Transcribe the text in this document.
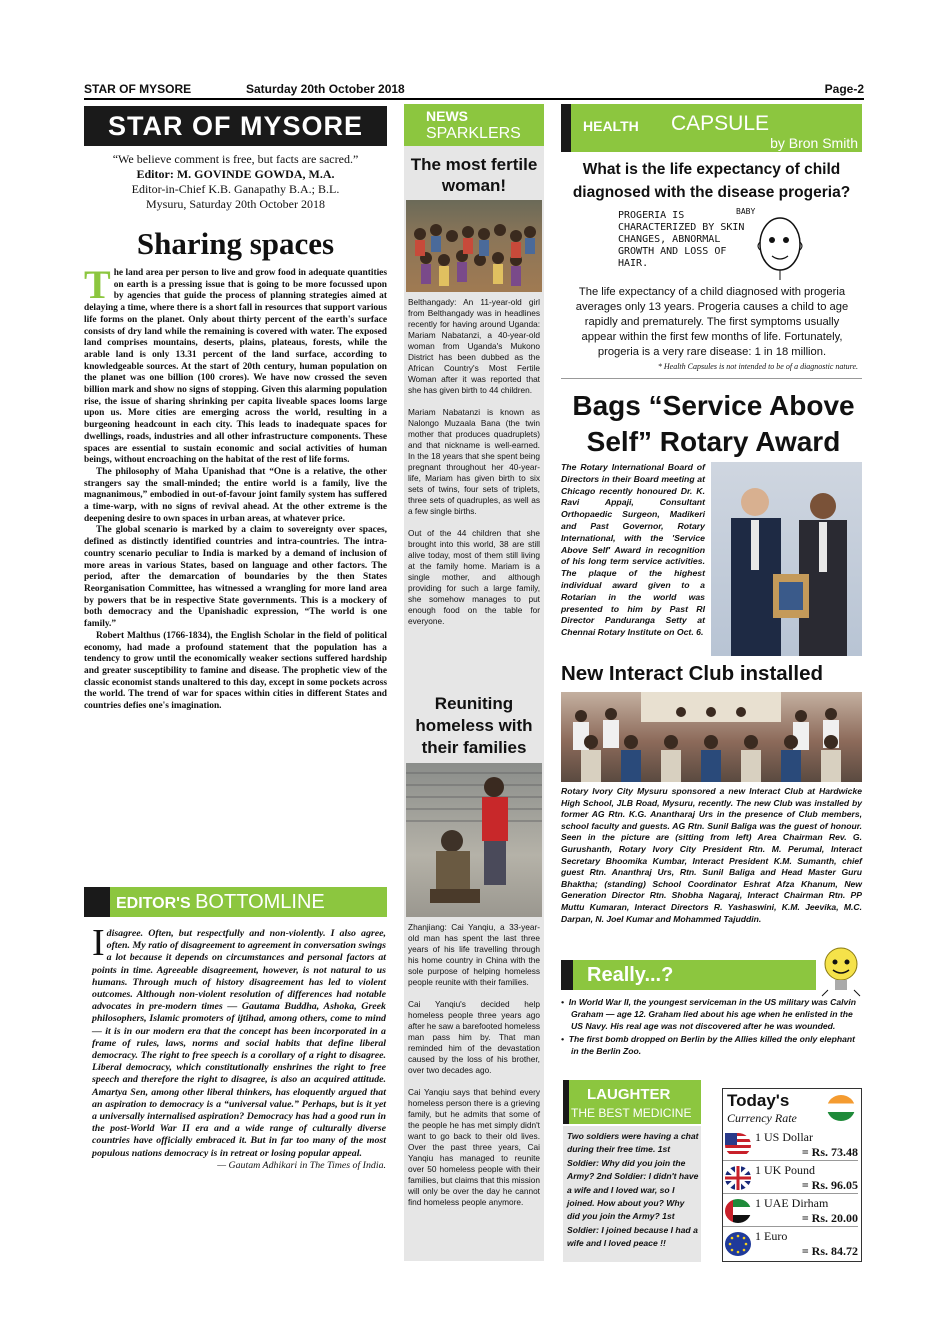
STAR OF MYSORE	Saturday 20th October 2018	Page-2
STAR OF MYSORE

“We believe comment is free, but facts are sacred.”

Editor: M. GOVINDE GOWDA, M.A.

Editor-in-Chief K.B. Ganapathy B.A.; B.L.

Mysuru, Saturday 20th October 2018

Sharing spaces

The land area per person to live and grow food in adequate quantities on earth is a pressing issue that is going to be more focussed upon by agencies that guide the process of planning strategies aimed at delaying a time, where there is a short fall in resources that support various life forms on the planet. Only about thirty percent of the earth's surface consists of dry land while the remaining is covered with water. The exposed land comprises mountains, deserts, plains, plateaus, forests, while the arable land is only 13.31 percent of the land surface, according to knowledgeable sources. At the start of 20th century, human population on the planet was one billion (100 crores). We have now crossed the seven billion mark and show no signs of stopping. Given this alarming population rise, the issue of sharing shrinking per capita liveable spaces looms large upon us. More cities are emerging across the world, resulting in a burgeoning headcount in each city. This leads to inadequate spaces for dwellings, roads, industries and all other infrastructure components. These spaces are essential to sustain economic and social activities of human beings, without encroaching on the habitat of the rest of life forms.

The philosophy of Maha Upanishad that “One is a relative, the other strangers say the small-minded; the entire world is a family, live the magnanimous,” embodied in out-of-favour joint family system has suffered a time-warp, with no signs of revival ahead. At the other extreme is the deepening desire to own spaces in urban areas, at whatever price.

The global scenario is marked by a claim to sovereignty over spaces, defined as distinctly identified countries and intra-countries. The intra-country scenario peculiar to India is marked by a demand of inclusion of more areas in various States, based on language and other factors. The period, after the demarcation of boundaries by the then States Reorganisation Committee, has witnessed a wrangling for more land area by powers that be in respective State governments. This is a mockery of both democracy and the Upanishadic expression, “The world is one family.”

Robert Malthus (1766-1834), the English Scholar in the field of political economy, had made a profound statement that the population has a tendency to grow until the economically weaker sections suffered hardship and greater susceptibility to famine and disease. The prophetic view of the classic economist stands unaltered to this day, except in some pockets across the world. The trend of war for spaces within cities in different States and countries defies one's imagination.

EDITOR'S BOTTOMLINE

Idisagree. Often, but respectfully and non-violently. I also agree, often. My ratio of disagreement to agreement in conversation swings a lot because it depends on circumstances and personal factors at points in time. Agreeable disagreement, however, is not natural to us humans. Through much of history disagreement has led to violent outcomes. Although non-violent resolution of differences had notable advocates in pre-modern times — Gautama Buddha, Ashoka, Greek philosophers, Islamic promoters of ijtihad, among others, come to mind — it is in our modern era that the concept has been incorporated in a frame of rules, laws, norms and social habits that define liberal democracy. The right to free speech is a corollary of a right to disagree. Liberal democracy, which constitutionally enshrines the right to free speech and therefore the right to disagree, is also an acquired attitude. Amartya Sen, among other liberal thinkers, has eloquently argued that an aspiration to democracy is a “universal value.” Perhaps, but is it yet a universally internalised aspiration? Democracy has had a good run in the post-World War II era and a wide range of culturally diverse countries have officially embraced it. But in far too many of the most populous nations democracy is in retreat or losing popular appeal.

— Gautam Adhikari in The Times of India.

NEWS

SPARKLERS

The most fertile woman!

Belthangady: An 11-year-old girl from Belthangady was in headlines recently for having around Uganda: Mariam Nabatanzi, a 40-year-old woman from Uganda's Mukono District has been dubbed as the African Country's Most Fertile Woman after it was reported that she has given birth to 44 children.

Mariam Nabatanzi is known as Nalongo Muzaala Bana (the twin mother that produces quadruplets) and that nickname is well-earned. In the 18 years that she spent being pregnant throughout her 40-year-life, Mariam has given birth to six sets of twins, four sets of triplets, three sets of quadruples, as well as a few single births.

Out of the 44 children that she brought into this world, 38 are still alive today, most of them still living at the family home. Mariam is a single mother, and although providing for such a large family, she somehow manages to put enough food on the table for everyone.

Reuniting homeless with their families

Zhanjiang: Cai Yanqiu, a 33-year-old man has spent the last three years of his life travelling through his home country in China with the sole purpose of helping homeless people reunite with their families.

Cai Yanqiu's decided help homeless people three years ago after he saw a barefooted homeless man pass him by. That man reminded him of the devastation caused by the loss of his brother, over two decades ago.

Cai Yanqiu says that behind every homeless person there is a grieving family, but he admits that some of the people he has met simply didn't want to go back to their old lives. Over the past three years, Cai Yanqiu has managed to reunite over 50 homeless people with their families, but claims that this mission will only be over the day he cannot find homeless people anymore.

HEALTH CAPSULE
by Bron Smith
What is the life expectancy of child diagnosed with the disease progeria?
PROGERIA IS CHARACTERIZED BY SKIN CHANGES, ABNORMAL GROWTH AND LOSS OF HAIR.
BABY
The life expectancy of a child diagnosed with progeria averages only 13 years. Progeria causes a child to age rapidly and prematurely. The first symptoms usually appear within the first few months of life. Fortunately, progeria is a very rare disease: 1 in 18 million.
* Health Capsules is not intended to be of a diagnostic nature.
Bags “Service Above Self” Rotary Award
The Rotary International Board of Directors in their Board meeting at Chicago recently honoured Dr. K. Ravi Appaji, Consultant Orthopaedic Surgeon, Madikeri and Past Governor, Rotary International, with the 'Service Above Self' Award in recognition of his long term service activities. The plaque of the highest individual award given to a Rotarian in the world was presented to him by Past RI Director Panduranga Setty at Chennai Rotary Institute on Oct. 6.
New Interact Club installed
Rotary Ivory City Mysuru sponsored a new Interact Club at Hardwicke High School, JLB Road, Mysuru, recently. The new Club was installed by former AG Rtn. K.G. Anantharaj Urs in the presence of Club members, school faculty and guests. AG Rtn. Sunil Baliga was the guest of honour. Seen in the picture are (sitting from left) Area Chairman Rev. G. Gurushanth, Rotary Ivory City President Rtn. M. Perumal, Interact Secretary Bhoomika Kumbar, Interact President K.M. Sumanth, chief guest Rtn. Ananthraj Urs, Rtn. Sunil Baliga and Head Master Guru Bhaktha; (standing) School Coordinator Eshrat Afza Khanum, New Generation Director Rtn. Shobha Nagaraj, Interact Chairman Rtn. PP Muttu Kumaran, Interact Directors R. Yashaswini, K.M. Jeevika, M.C. Darpan, N. Joel Kumar and Mohammed Tajuddin.
Really...?

•  In World War II, the youngest serviceman in the US military was Calvin Graham — age 12. Graham lied about his age when he enlisted in the US Navy. His real age was not discovered after he was wounded.

•  The first bomb dropped on Berlin by the Allies killed the only elephant in the Berlin Zoo.

LAUGHTER

THE BEST MEDICINE

Two soldiers were having a chat during their free time. 1st Soldier: Why did you join the Army? 2nd Soldier: I didn't have a wife and I loved war, so I joined. How about you? Why did you join the Army? 1st Soldier: I joined because I had a wife and I loved peace !!

Today's

Currency Rate

1 US Dollar
= Rs. 73.48
1 UK Pound
= Rs. 96.05
1 UAE Dirham
= Rs. 20.00
1 Euro
= Rs. 84.72
